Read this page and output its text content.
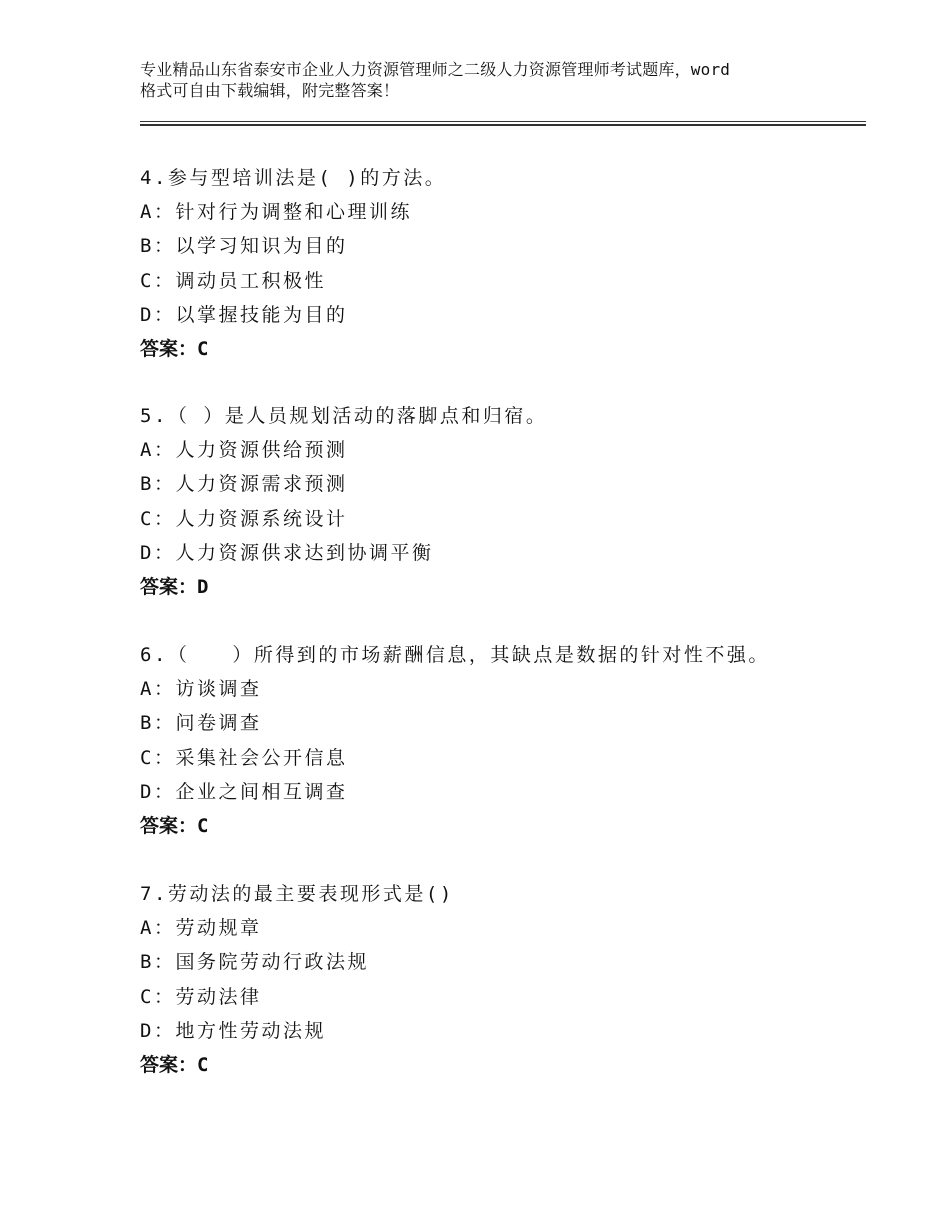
专业精品山东省泰安市企业人力资源管理师之二级人力资源管理师考试题库，word
格式可自由下载编辑，附完整答案！
4.参与型培训法是( )的方法。
A：针对行为调整和心理训练
B：以学习知识为目的
C：调动员工积极性
D：以掌握技能为目的
答案：C
5.（ ）是人员规划活动的落脚点和归宿。
A：人力资源供给预测
B：人力资源需求预测
C：人力资源系统设计
D：人力资源供求达到协调平衡
答案：D
6.（　　）所得到的市场薪酬信息，其缺点是数据的针对性不强。
A：访谈调查
B：问卷调查
C：采集社会公开信息
D：企业之间相互调查
答案：C
7.劳动法的最主要表现形式是()
A：劳动规章
B：国务院劳动行政法规
C：劳动法律
D：地方性劳动法规
答案：C
